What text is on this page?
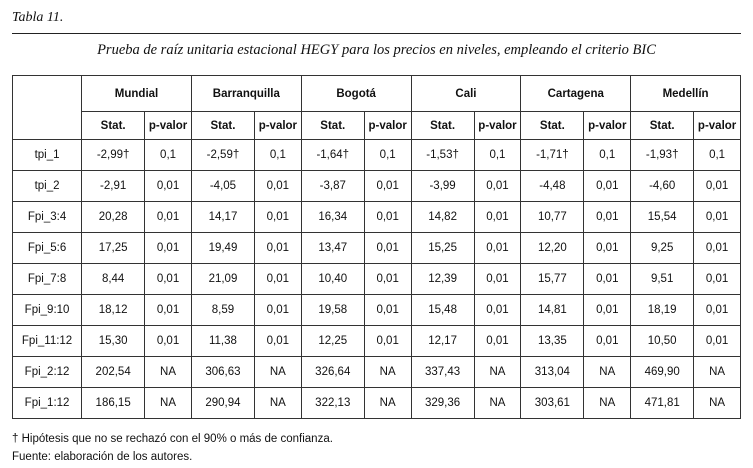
Tabla 11.
Prueba de raíz unitaria estacional HEGY para los precios en niveles, empleando el criterio BIC
	Mundial		Barranquilla		Bogotá		Cali		Cartagena		Medellín	
	Stat.	p-valor	Stat.	p-valor	Stat.	p-valor	Stat.	p-valor	Stat.	p-valor	Stat.	p-valor
tpi_1	-2,99†	0,1	-2,59†	0,1	-1,64†	0,1	-1,53†	0,1	-1,71†	0,1	-1,93†	0,1
tpi_2	-2,91	0,01	-4,05	0,01	-3,87	0,01	-3,99	0,01	-4,48	0,01	-4,60	0,01
Fpi_3:4	20,28	0,01	14,17	0,01	16,34	0,01	14,82	0,01	10,77	0,01	15,54	0,01
Fpi_5:6	17,25	0,01	19,49	0,01	13,47	0,01	15,25	0,01	12,20	0,01	9,25	0,01
Fpi_7:8	8,44	0,01	21,09	0,01	10,40	0,01	12,39	0,01	15,77	0,01	9,51	0,01
Fpi_9:10	18,12	0,01	8,59	0,01	19,58	0,01	15,48	0,01	14,81	0,01	18,19	0,01
Fpi_11:12	15,30	0,01	11,38	0,01	12,25	0,01	12,17	0,01	13,35	0,01	10,50	0,01
Fpi_2:12	202,54	NA	306,63	NA	326,64	NA	337,43	NA	313,04	NA	469,90	NA
Fpi_1:12	186,15	NA	290,94	NA	322,13	NA	329,36	NA	303,61	NA	471,81	NA
† Hipótesis que no se rechazó con el 90% o más de confianza.
Fuente: elaboración de los autores.
